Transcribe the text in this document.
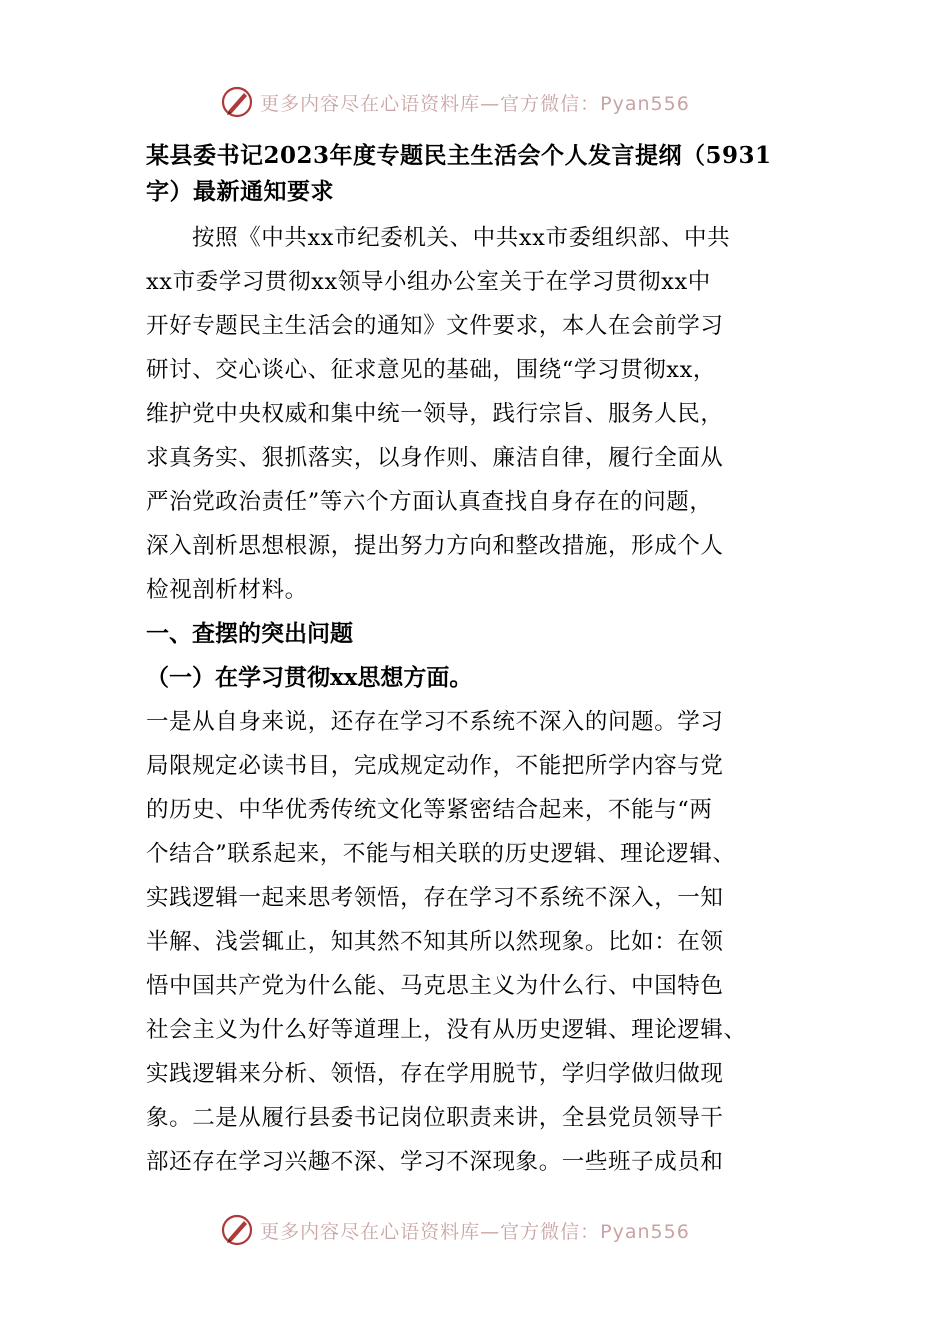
更多内容尽在心语资料库—官方微信：Pyan556

某县委书记2023年度专题民主生活会个人发言提纲（5931

字）最新通知要求

按照《中共xx市纪委机关、中共xx市委组织部、中共

xx市委学习贯彻xx领导小组办公室关于在学习贯彻xx中

开好专题民主生活会的通知》文件要求，本人在会前学习

研讨、交心谈心、征求意见的基础，围绕“学习贯彻xx，

维护党中央权威和集中统一领导，践行宗旨、服务人民，

求真务实、狠抓落实，以身作则、廉洁自律，履行全面从

严治党政治责任”等六个方面认真查找自身存在的问题，

深入剖析思想根源，提出努力方向和整改措施，形成个人

检视剖析材料。

一、查摆的突出问题

（一）在学习贯彻xx思想方面。

一是从自身来说，还存在学习不系统不深入的问题。学习

局限规定必读书目，完成规定动作，不能把所学内容与党

的历史、中华优秀传统文化等紧密结合起来，不能与“两

个结合”联系起来，不能与相关联的历史逻辑、理论逻辑、

实践逻辑一起来思考领悟，存在学习不系统不深入，一知

半解、浅尝辄止，知其然不知其所以然现象。比如：在领

悟中国共产党为什么能、马克思主义为什么行、中国特色

社会主义为什么好等道理上，没有从历史逻辑、理论逻辑、

实践逻辑来分析、领悟，存在学用脱节，学归学做归做现

象。二是从履行县委书记岗位职责来讲，全县党员领导干

部还存在学习兴趣不深、学习不深现象。一些班子成员和

更多内容尽在心语资料库—官方微信：Pyan556
